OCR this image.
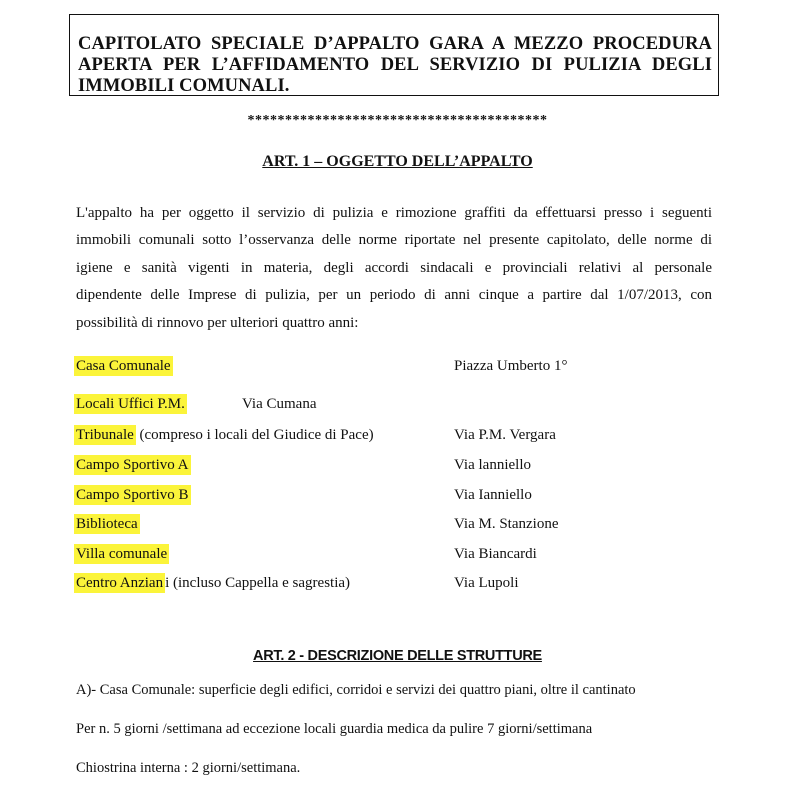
CAPITOLATO SPECIALE D’APPALTO GARA A MEZZO PROCEDURA
APERTA PER L’AFFIDAMENTO DEL SERVIZIO DI PULIZIA DEGLI
IMMOBILI COMUNALI.
****************************************
ART. 1 – OGGETTO DELL’APPALTO
L'appalto ha per oggetto il servizio di pulizia e rimozione graffiti da effettuarsi presso i seguenti
immobili comunali sotto l’osservanza delle norme riportate nel presente capitolato, delle norme di
igiene e sanità vigenti in materia, degli accordi sindacali e provinciali relativi al personale
dipendente delle Imprese di pulizia, per un periodo di anni cinque a partire dal 1/07/2013, con
possibilità di rinnovo per ulteriori quattro anni:
Casa Comunale	Piazza Umberto 1°
Locali Uffici P.M.	Via Cumana
Tribunale (compreso i locali del Giudice di Pace)	Via P.M. Vergara
Campo Sportivo A	Via lanniello
Campo Sportivo B	Via Ianniello
Biblioteca	Via M. Stanzione
Villa comunale	Via Biancardi
Centro Anzian i (incluso Cappella e sagrestia)	Via Lupoli
ART. 2 - DESCRIZIONE DELLE STRUTTURE
A)- Casa Comunale: superficie degli edifici, corridoi e servizi dei quattro piani, oltre il cantinato
Per n. 5 giorni /settimana ad eccezione locali guardia medica da pulire 7 giorni/settimana
Chiostrina interna : 2 giorni/settimana.
